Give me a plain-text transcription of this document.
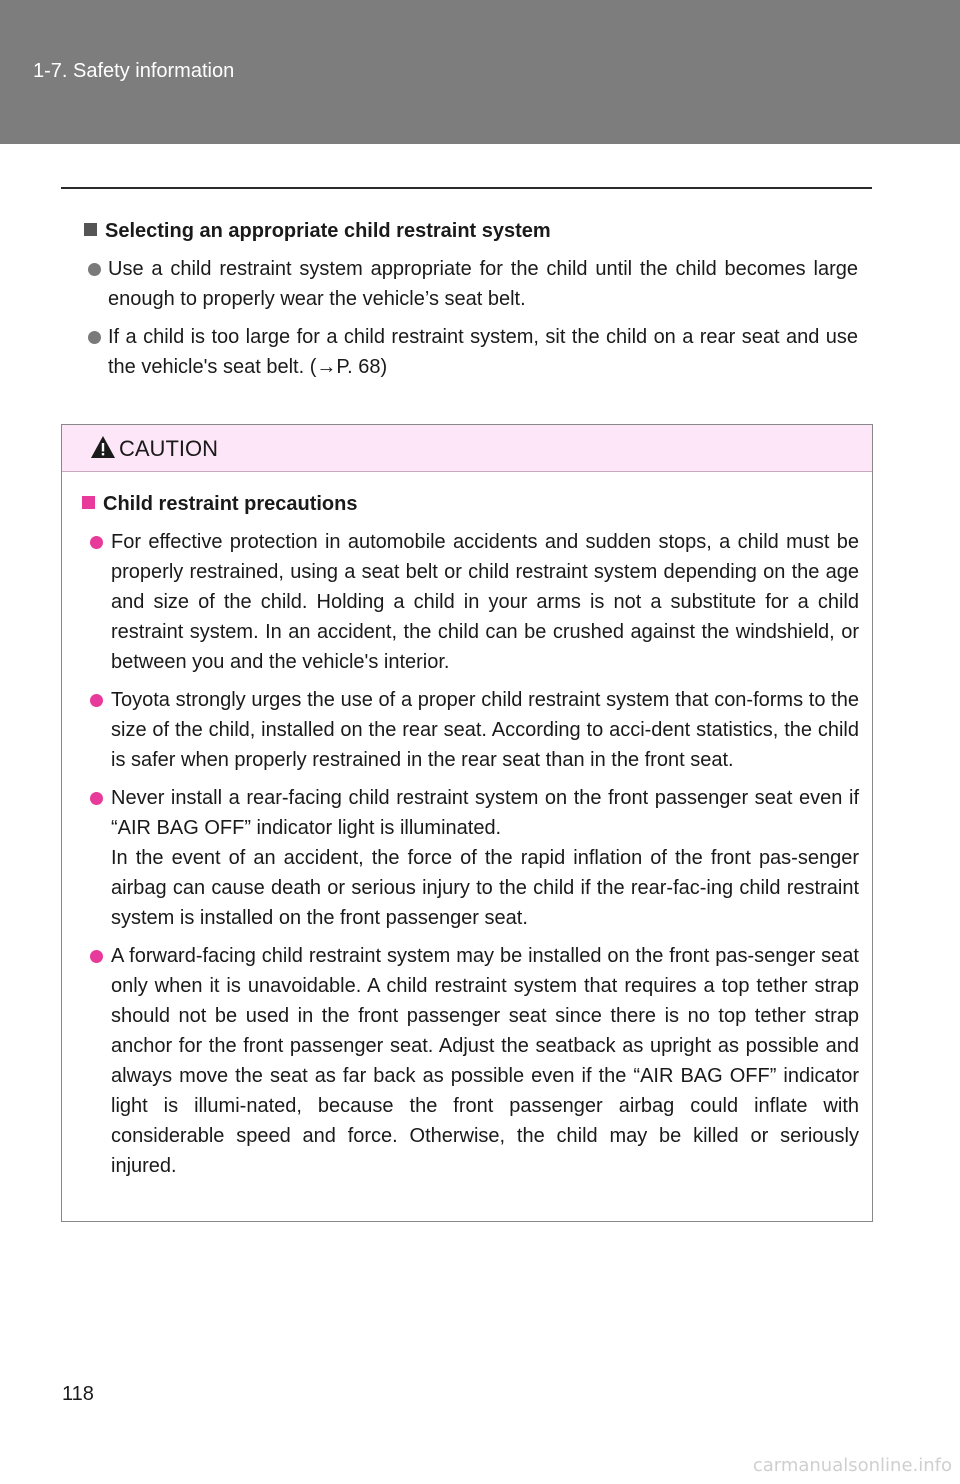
1-7. Safety information
Selecting an appropriate child restraint system
Use a child restraint system appropriate for the child until the child becomes large enough to properly wear the vehicle’s seat belt.
If a child is too large for a child restraint system, sit the child on a rear seat and use the vehicle's seat belt. (→P. 68)
CAUTION
Child restraint precautions
For effective protection in automobile accidents and sudden stops, a child must be properly restrained, using a seat belt or child restraint system depending on the age and size of the child. Holding a child in your arms is not a substitute for a child restraint system. In an accident, the child can be crushed against the windshield, or between you and the vehicle's interior.
Toyota strongly urges the use of a proper child restraint system that con-forms to the size of the child, installed on the rear seat. According to acci-dent statistics, the child is safer when properly restrained in the rear seat than in the front seat.
Never install a rear-facing child restraint system on the front passenger seat even if “AIR BAG OFF” indicator light is illuminated.
In the event of an accident, the force of the rapid inflation of the front pas-senger airbag can cause death or serious injury to the child if the rear-fac-ing child restraint system is installed on the front passenger seat.
A forward-facing child restraint system may be installed on the front pas-senger seat only when it is unavoidable. A child restraint system that requires a top tether strap should not be used in the front passenger seat since there is no top tether strap anchor for the front passenger seat. Adjust the seatback as upright as possible and always move the seat as far back as possible even if the “AIR BAG OFF” indicator light is illumi-nated, because the front passenger airbag could inflate with considerable speed and force. Otherwise, the child may be killed or seriously injured.
118
carmanualsonline.info
